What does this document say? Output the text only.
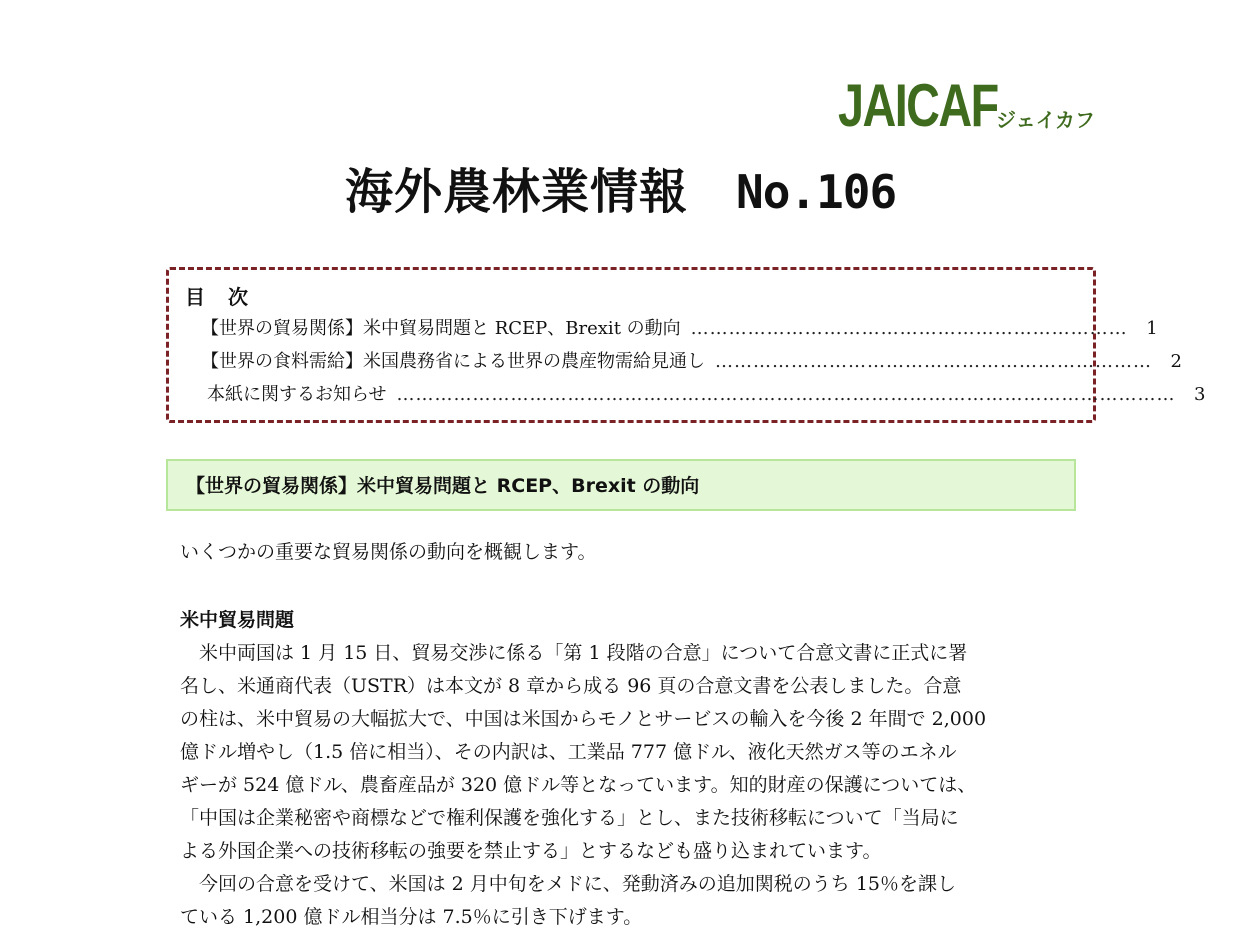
JAICAF
ジェイカフ
海外農林業情報 No.106
目 次
【世界の貿易関係】米中貿易問題と RCEP、Brexit の動向 ……………………………………………………………	1
【世界の食料需給】米国農務省による世界の農産物需給見通し ……………………………………………………………	2
本紙に関するお知らせ ……………………………………………………………………………………………………………	3
【世界の貿易関係】米中貿易問題と RCEP、Brexit の動向
いくつかの重要な貿易関係の動向を概観します。
米中貿易問題
米中両国は 1 月 15 日、貿易交渉に係る「第 1 段階の合意」について合意文書に正式に署
名し、米通商代表（USTR）は本文が 8 章から成る 96 頁の合意文書を公表しました。合意
の柱は、米中貿易の大幅拡大で、中国は米国からモノとサービスの輸入を今後 2 年間で 2,000
億ドル増やし（1.5 倍に相当）、その内訳は、工業品 777 億ドル、液化天然ガス等のエネル
ギーが 524 億ドル、農畜産品が 320 億ドル等となっています。知的財産の保護については、
「中国は企業秘密や商標などで権利保護を強化する」とし、また技術移転について「当局に
よる外国企業への技術移転の強要を禁止する」とするなども盛り込まれています。
今回の合意を受けて、米国は 2 月中旬をメドに、発動済みの追加関税のうち 15％を課し
ている 1,200 億ドル相当分は 7.5％に引き下げます。
